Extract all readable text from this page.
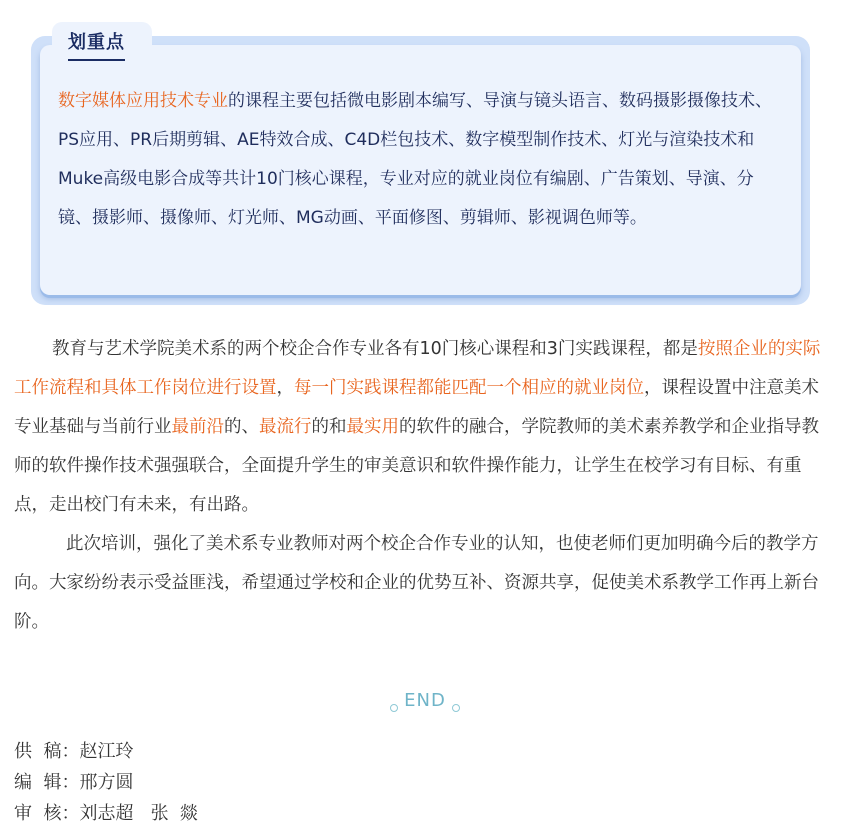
划重点

数字媒体应用技术专业的课程主要包括微电影剧本编写、导演与镜头语言、数码摄影摄像技术、PS应用、PR后期剪辑、AE特效合成、C4D栏包技术、数字模型制作技术、灯光与渲染技术和Muke高级电影合成等共计10门核心课程，专业对应的就业岗位有编剧、广告策划、导演、分镜、摄影师、摄像师、灯光师、MG动画、平面修图、剪辑师、影视调色师等。

教育与艺术学院美术系的两个校企合作专业各有10门核心课程和3门实践课程，都是按照企业的实际工作流程和具体工作岗位进行设置，每一门实践课程都能匹配一个相应的就业岗位，课程设置中注意美术专业基础与当前行业最前沿的、最流行的和最实用的软件的融合，学院教师的美术素养教学和企业指导教师的软件操作技术强强联合，全面提升学生的审美意识和软件操作能力，让学生在校学习有目标、有重点，走出校门有未来，有出路。

此次培训，强化了美术系专业教师对两个校企合作专业的认知，也使老师们更加明确今后的教学方向。大家纷纷表示受益匪浅，希望通过学校和企业的优势互补、资源共享，促使美术系教学工作再上新台阶。

END
供  稿：赵江玲
编  辑：邢方圆
审  核：刘志超   张  燚
